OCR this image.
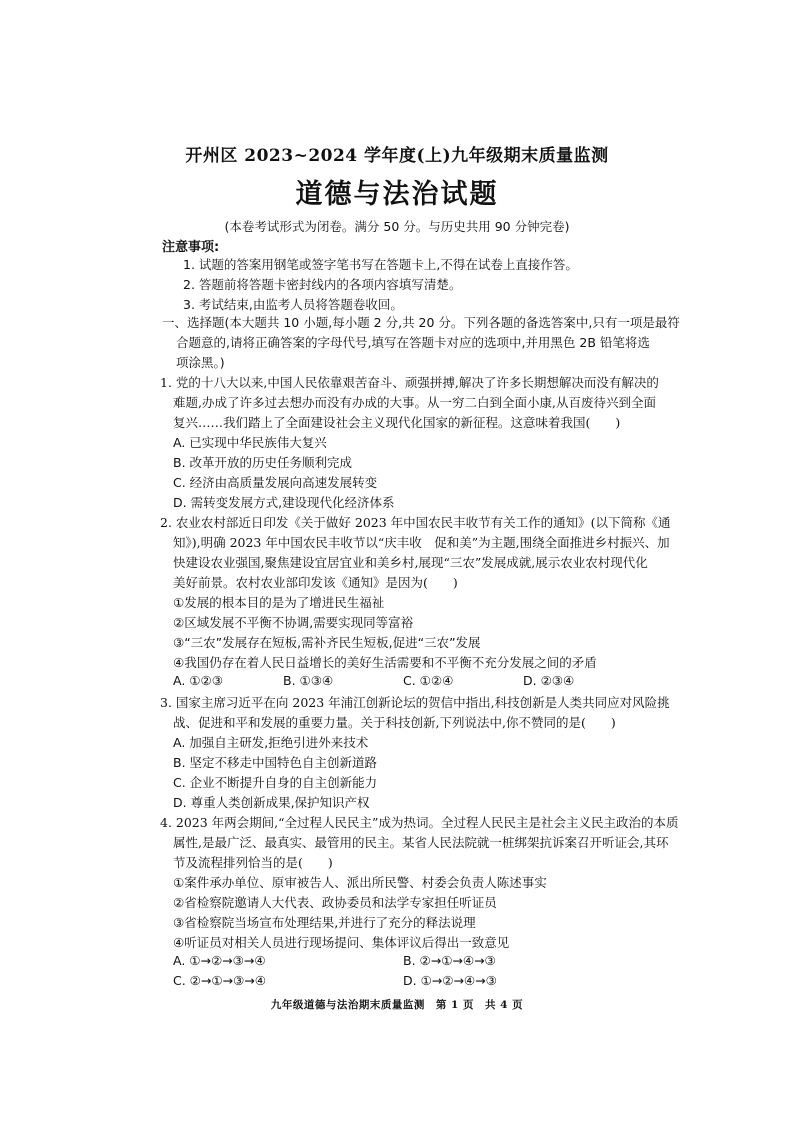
开州区 2023~2024 学年度(上)九年级期末质量监测
道德与法治试题
(本卷考试形式为闭卷。满分 50 分。与历史共用 90 分钟完卷)
注意事项:
1. 试题的答案用钢笔或签字笔书写在答题卡上,不得在试卷上直接作答。
2. 答题前将答题卡密封线内的各项内容填写清楚。
3. 考试结束,由监考人员将答题卷收回。
一、选择题(本大题共 10 小题,每小题 2 分,共 20 分。下列各题的备选答案中,只有一项是最符
合题意的,请将正确答案的字母代号,填写在答题卡对应的选项中,并用黑色 2B 铅笔将选
项涂黑。)
1. 党的十八大以来,中国人民依靠艰苦奋斗、顽强拼搏,解决了许多长期想解决而没有解决的
难题,办成了许多过去想办而没有办成的大事。从一穷二白到全面小康,从百废待兴到全面
复兴……我们踏上了全面建设社会主义现代化国家的新征程。这意味着我国(　　)
A. 已实现中华民族伟大复兴
B. 改革开放的历史任务顺利完成
C. 经济由高质量发展向高速发展转变
D. 需转变发展方式,建设现代化经济体系
2. 农业农村部近日印发《关于做好 2023 年中国农民丰收节有关工作的通知》(以下简称《通
知》),明确 2023 年中国农民丰收节以“庆丰收　促和美”为主题,围绕全面推进乡村振兴、加
快建设农业强国,聚焦建设宜居宜业和美乡村,展现“三农”发展成就,展示农业农村现代化
美好前景。农村农业部印发该《通知》是因为(　　)
①发展的根本目的是为了增进民生福祉
②区域发展不平衡不协调,需要实现同等富裕
③“三农”发展存在短板,需补齐民生短板,促进“三农”发展
④我国仍存在着人民日益增长的美好生活需要和不平衡不充分发展之间的矛盾
A. ①②③	B. ①③④	C. ①②④	D. ②③④
3. 国家主席习近平在向 2023 年浦江创新论坛的贺信中指出,科技创新是人类共同应对风险挑
战、促进和平和发展的重要力量。关于科技创新,下列说法中,你不赞同的是(　　)
A. 加强自主研发,拒绝引进外来技术
B. 坚定不移走中国特色自主创新道路
C. 企业不断提升自身的自主创新能力
D. 尊重人类创新成果,保护知识产权
4. 2023 年两会期间,“全过程人民民主”成为热词。全过程人民民主是社会主义民主政治的本质
属性,是最广泛、最真实、最管用的民主。某省人民法院就一桩绑架抗诉案召开听证会,其环
节及流程排列恰当的是(　　)
九年级道德与法治期末质量监测　第 1 页　共 4 页
①案件承办单位、原审被告人、派出所民警、村委会负责人陈述事实
②省检察院邀请人大代表、政协委员和法学专家担任听证员
③省检察院当场宣布处理结果,并进行了充分的释法说理
④听证员对相关人员进行现场提问、集体评议后得出一致意见
A. ①→②→③→④	B. ②→①→④→③
C. ②→①→③→④	D. ①→②→④→③
